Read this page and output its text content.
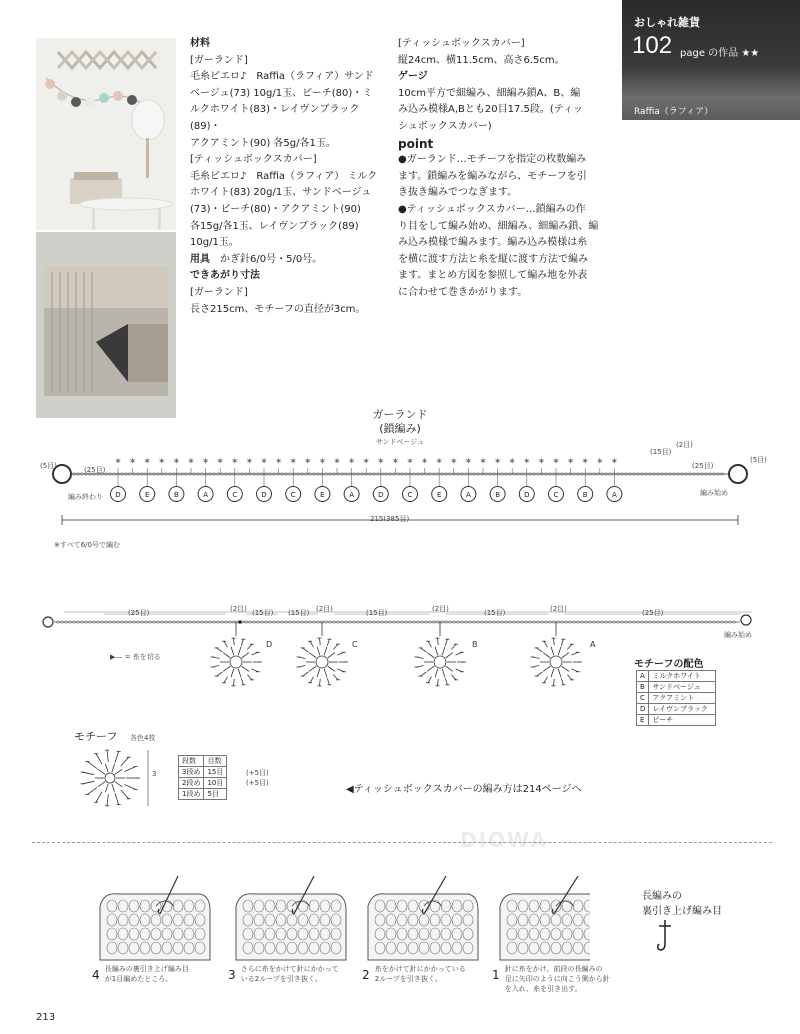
材料
[ガーランド]
毛糸ピエロ♪　Raffia（ラフィア）サンド
ベージュ(73) 10g/1玉、ピーチ(80)・ミ
ルクホワイト(83)・レイヴンブラック(89)・
アクアミント(90) 各5g/各1玉。
[ティッシュボックスカバー]
毛糸ピエロ♪　Raffia（ラフィア） ミルク
ホワイト(83) 20g/1玉、サンドベージュ
(73)・ピーチ(80)・アクアミント(90)
各15g/各1玉、レイヴンブラック(89)
10g/1玉。
用具　 かぎ針6/0号・5/0号。
できあがり寸法
[ガーランド]
長さ215cm、モチーフの直径が3cm。
[ティッシュボックスカバー]
縦24cm、横11.5cm、高さ6.5cm。
ゲージ
10cm平方で細編み、細編み鎖A、B、編
み込み模様A,Bとも20目17.5段。(ティッ
シュボックスカバー)
point
●ガーランド…モチーフを指定の枚数編み
ます。鎖編みを編みながら、モチーフを引
き抜き編みでつなぎます。
●ティッシュボックスカバー…鎖編みの作
り目をして編み始め、細編み、細編み鎖、編
み込み模様で編みます。編み込み模様は糸
を横に渡す方法と糸を縦に渡す方法で編み
ます。まとめ方図を参照して編み地を外表
に合わせて巻きかがります。
おしゃれ雑貨
102 page の作品 ★★
Raffia（ラフィア）
ガーランド
(鎖編み)
サンドベージュ
✶
D
✶ ✶
E
✶ ✶
B
✶ ✶
A
✶ ✶
C
✶ ✶
D
✶ ✶
C
✶ ✶
E
✶ ✶
A
✶ ✶
D
✶ ✶
C
✶ ✶
E
✶ ✶
A
✶ ✶
B
✶ ✶
D
✶ ✶
C
✶ ✶
B
✶ ✶
A
(5目)
(5目)
(25目)	(25目)
(15目)
(2目)
編み終わり	編み始め
215(385目)
※すべて6/0号で編む
(25目)	(2目) (15目) (15目) (2目)	(15目)	(2目)	(15目)	(2目)	(25目)
D	C	B	A
編み始め
▶— = 糸を切る
モチーフの配色
A	ミルクホワイト
B	サンドベージュ
C	アクアミント
D	レイヴンブラック
E	ピーチ
モチーフ 各色4枚
3
段数	目数
3段め	15目
2段め	10目
1段め	5目
(+5目)
(+5目)
◀ティッシュボックスカバーの編み方は214ページへ
DIOWA
長編みの
裏引き上げ編み目
4 長編みの裏引き上げ編み目
が1目編めたところ。	3 さらに糸をかけて針にかかって
いる2ループを引き抜く。	2 糸をかけて針にかかっている
2ループを引き抜く。	1 針に糸をかけ、前段の長編みの
足に矢印のように向こう側から針
を入れ、糸を引き出す。
213
